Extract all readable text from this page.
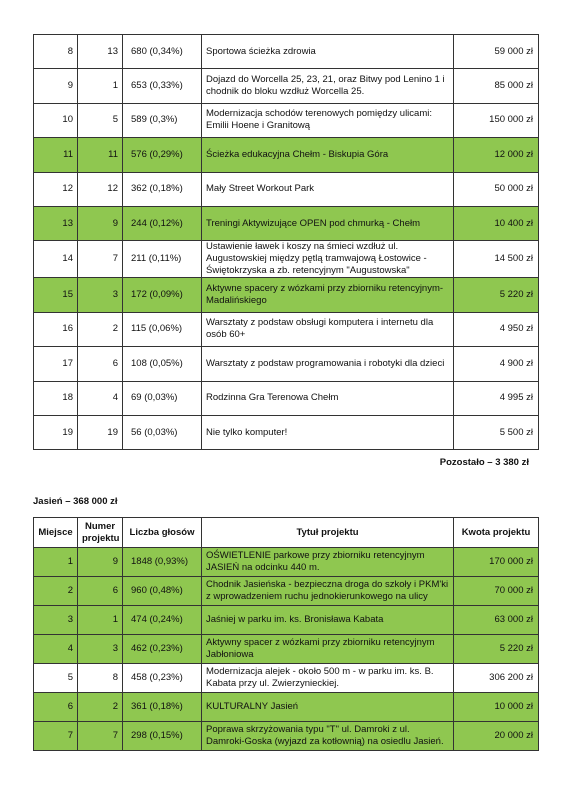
8	13	680 (0,34%)	Sportowa ścieżka zdrowia	59 000 zł
9	1	653 (0,33%)	Dojazd do Worcella 25, 23, 21, oraz Bitwy pod Lenino 1 i chodnik do bloku wzdłuż Worcella 25.	85 000 zł
10	5	589 (0,3%)	Modernizacja schodów terenowych pomiędzy ulicami: Emilii Hoene i Granitową	150 000 zł
11	11	576 (0,29%)	Ścieżka edukacyjna Chełm - Biskupia Góra	12 000 zł
12	12	362 (0,18%)	Mały Street Workout Park	50 000 zł
13	9	244 (0,12%)	Treningi Aktywizujące OPEN pod chmurką - Chełm	10 400 zł
14	7	211 (0,11%)	Ustawienie ławek i koszy na śmieci wzdłuż ul. Augustowskiej między pętlą tramwajową Łostowice - Świętokrzyska a zb. retencyjnym "Augustowska"	14 500 zł
15	3	172 (0,09%)	Aktywne spacery z wózkami przy zbiorniku retencyjnym-Madalińskiego	5 220 zł
16	2	115 (0,06%)	Warsztaty z podstaw obsługi komputera i internetu dla osób 60+	4 950 zł
17	6	108 (0,05%)	Warsztaty z podstaw programowania i robotyki dla dzieci	4 900 zł
18	4	69 (0,03%)	Rodzinna Gra Terenowa Chełm	4 995 zł
19	19	56 (0,03%)	Nie tylko komputer!	5 500 zł
Pozostało – 3 380 zł
Jasień – 368 000 zł
Miejsce	Numer projektu	Liczba głosów	Tytuł projektu	Kwota projektu
1	9	1848 (0,93%)	OŚWIETLENIE parkowe przy zbiorniku retencyjnym JASIEŃ na odcinku 440 m.	170 000 zł
2	6	960 (0,48%)	Chodnik Jasieńska - bezpieczna droga do szkoły i PKM'ki z wprowadzeniem ruchu jednokierunkowego na ulicy	70 000 zł
3	1	474 (0,24%)	Jaśniej w parku im. ks. Bronisława Kabata	63 000 zł
4	3	462 (0,23%)	Aktywny spacer z wózkami przy zbiorniku retencyjnym Jabłoniowa	5 220 zł
5	8	458 (0,23%)	Modernizacja alejek - około 500 m - w parku im. ks. B. Kabata przy ul. Zwierzynieckiej.	306 200 zł
6	2	361 (0,18%)	KULTURALNY Jasień	10 000 zł
7	7	298 (0,15%)	Poprawa skrzyżowania typu "T" ul. Damroki z ul. Damroki-Goska (wyjazd za kotłownią) na osiedlu Jasień.	20 000 zł
